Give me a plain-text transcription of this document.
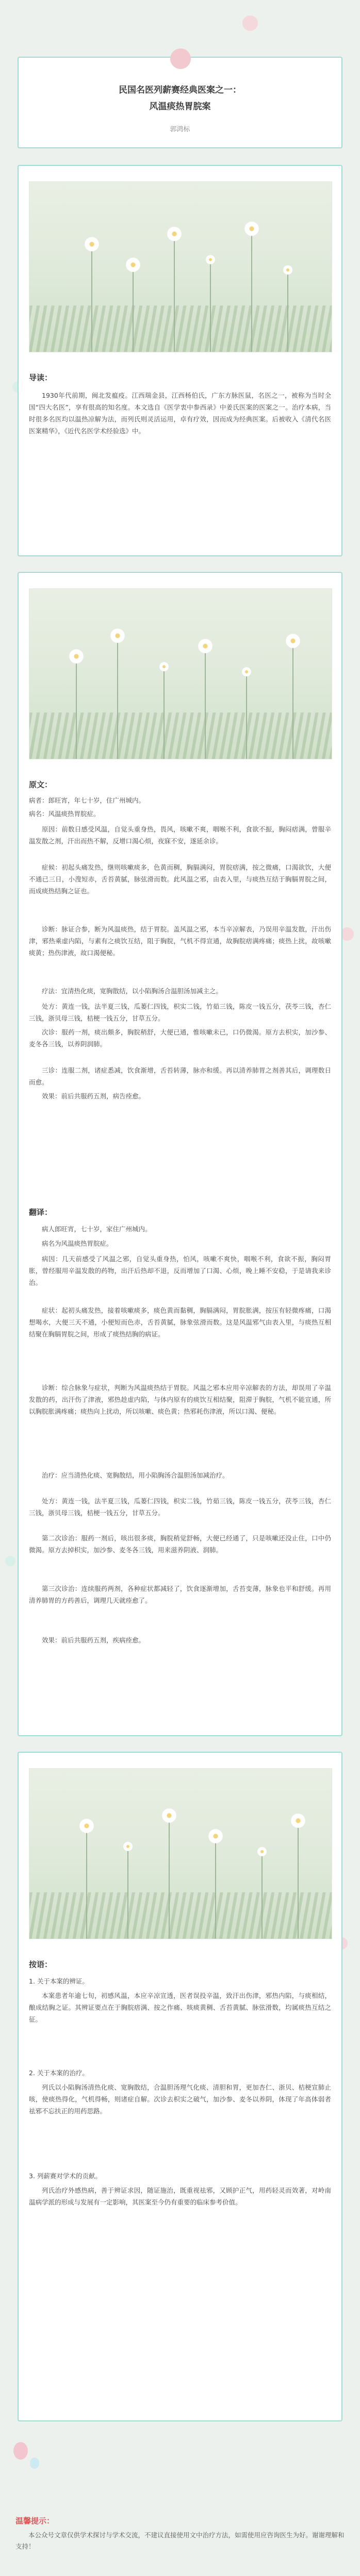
民国名医列薪赛经典医案之一：
风温痰热胃脘案
郭鸿标
导读：

1930年代前期，闽北发瘟疫。江西瑞金县，江西杨伯氏，广东方脉医鼠，名医之一，被称为当时全国“四大名医”，享有很高的知名度。本文选自《医学衷中参西录》中姜氏医案的医案之一。治疗本病，当时很多名医均以温热凉解为法，而列氏则灵活运用，卓有疗效，因而成为经典医案。后被收入《清代名医医案精华》，《近代名医学术经验选》中。

原文：

病者：郎旺宵，年七十岁，住广州城内。

病名：风温痰热胃脘症。

原因：前数日感受风温，自觉头重身热，畏风，咳嗽不爽，咽喉不利，食欲不振，胸闷痞满，曾服辛温发散之剂，汗出而热不解，反增口渴心烦，夜寐不安，遂延余诊。

症候：初起头痛发热，继则咳嗽痰多，色黄而稠，胸膈满闷，胃脘痞满，按之微痛，口渴欲饮，大便不通已三日，小溲短赤，舌苔黄腻，脉弦滑而数。此风温之邪，由表入里，与痰热互结于胸膈胃脘之间，而成痰热结胸之证也。

诊断：脉证合参，断为风温痰热，结于胃脘。盖风温之邪，本当辛凉解表，乃误用辛温发散，汗出伤津，邪热乘虚内陷，与素有之痰饮互结，阻于胸脘，气机不得宣通，故胸脘痞满疼痛；痰热上扰，故咳嗽痰黄；热伤津液，故口渴便秘。

疗法：宜清热化痰，宽胸散结，以小陷胸汤合温胆汤加减主之。

处方：黄连一钱，法半夏三钱，瓜蒌仁四钱，枳实二钱，竹茹三钱，陈皮一钱五分，茯苓三钱，杏仁三钱，浙贝母三钱，桔梗一钱五分，甘草五分。

次诊：服药一剂，痰出颇多，胸脘稍舒，大便已通，惟咳嗽未已，口仍微渴。原方去枳实，加沙参、麦冬各三钱，以养阴润肺。

三诊：连服二剂，诸症悉减，饮食渐增，舌苔转薄，脉亦和缓。再以清养肺胃之剂善其后，调理数日而愈。

效果：前后共服药五剂，病告痊愈。

翻译：

病人郎旺宵，七十岁，家住广州城内。

病名为风温痰热胃脘症。

病因：几天前感受了风温之邪，自觉头重身热，怕风，咳嗽不爽快，咽喉不利，食欲不振，胸闷胃胀，曾经服用辛温发散的药物，出汗后热却不退，反而增加了口渴、心烦，晚上睡不安稳，于是请我来诊治。

症状：起初头痛发热，接着咳嗽痰多，痰色黄而黏稠，胸膈满闷，胃脘胀满，按压有轻微疼痛，口渴想喝水，大便三天不通，小便短而色赤，舌苔黄腻，脉象弦滑而数。这是风温邪气由表入里，与痰热互相结聚在胸膈胃脘之间，形成了痰热结胸的病证。

诊断：综合脉象与症状，判断为风温痰热结于胃脘。风温之邪本应用辛凉解表的方法，却误用了辛温发散的药，出汗伤了津液，邪热趁虚内陷，与体内原有的痰饮互相结聚，阻滞于胸脘，气机不能宣通，所以胸脘胀满疼痛；痰热向上扰动，所以咳嗽、痰色黄；热邪耗伤津液，所以口渴、便秘。

治疗：应当清热化痰、宽胸散结，用小陷胸汤合温胆汤加减治疗。

处方：黄连一钱，法半夏三钱，瓜蒌仁四钱，枳实二钱，竹茹三钱，陈皮一钱五分，茯苓三钱，杏仁三钱，浙贝母三钱，桔梗一钱五分，甘草五分。

第二次诊治：服药一剂后，咳出很多痰，胸脘稍觉舒畅，大便已经通了，只是咳嗽还没止住，口中仍微渴。原方去掉枳实，加沙参、麦冬各三钱，用来滋养阴液、润肺。

第三次诊治：连续服药两剂，各种症状都减轻了，饮食逐渐增加，舌苔变薄，脉象也平和舒缓。再用清养肺胃的方药善后，调理几天就痊愈了。

效果：前后共服药五剂，疾病痊愈。

按语：

1. 关于本案的辨证。

本案患者年逾七旬，初感风温，本应辛凉宣透，医者误投辛温，致汗出伤津，邪热内陷，与痰相结，酿成结胸之证。其辨证要点在于胸脘痞满、按之作痛、咳痰黄稠、舌苔黄腻、脉弦滑数，均属痰热互结之征。

2. 关于本案的治疗。

列氏以小陷胸汤清热化痰、宽胸散结，合温胆汤理气化痰、清胆和胃，更加杏仁、浙贝、桔梗宣肺止咳，使痰热得化，气机得畅，则诸症自解。次诊去枳实之破气，加沙参、麦冬以养阴，体现了年高体弱者祛邪不忘扶正的用药思路。

3. 列薪赛对学术的贡献。

列氏治疗外感热病，善于辨证求因，随证施治，既重视祛邪，又顾护正气，用药轻灵而效著，对岭南温病学派的形成与发展有一定影响，其医案至今仍有重要的临床参考价值。

温馨提示：
本公众号文章仅供学术探讨与学术交流，不建议直接使用文中治疗方法，如需使用应咨询医生为好。谢谢理解和支持！
